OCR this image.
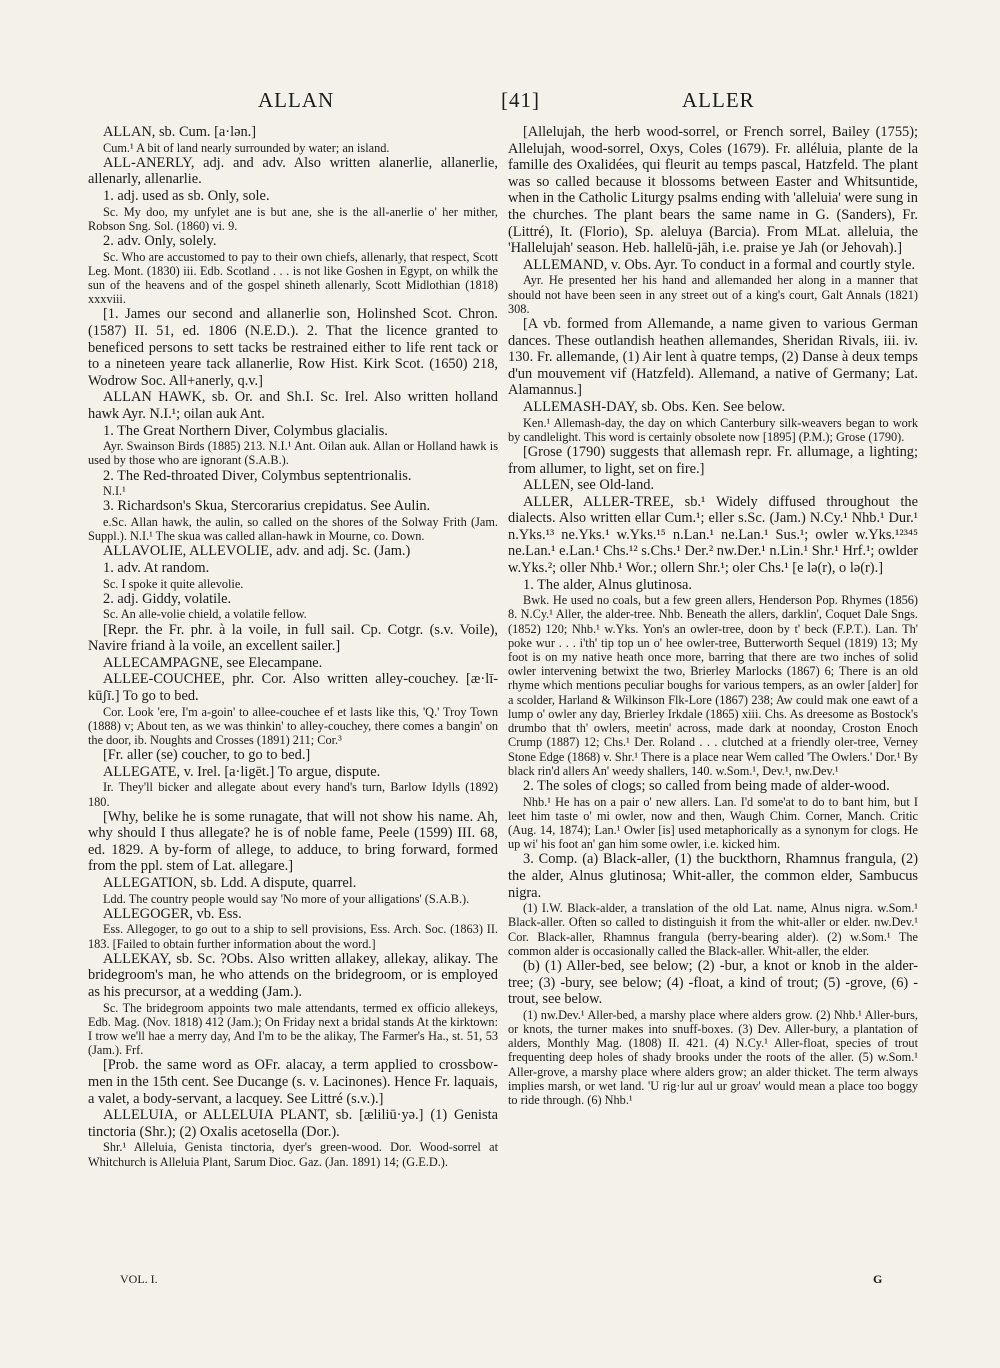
ALLAN	[41]	ALLER

ALLAN, sb. Cum. [a·lən.]

Cum.¹ A bit of land nearly surrounded by water; an island.

ALL-ANERLY, adj. and adv. Also written alanerlie, allanerlie, allenarly, allenarlie.

1. adj. used as sb. Only, sole.

Sc. My doo, my unfylet ane is but ane, she is the all-anerlie o' her mither, Robson Sng. Sol. (1860) vi. 9.

2. adv. Only, solely.

Sc. Who are accustomed to pay to their own chiefs, allenarly, that respect, Scott Leg. Mont. (1830) iii. Edb. Scotland . . . is not like Goshen in Egypt, on whilk the sun of the heavens and of the gospel shineth allenarly, Scott Midlothian (1818) xxxviii.

[1. James our second and allanerlie son, Holinshed Scot. Chron. (1587) II. 51, ed. 1806 (N.E.D.). 2. That the licence granted to beneficed persons to sett tacks be restrained either to life rent tack or to a nineteen yeare tack allanerlie, Row Hist. Kirk Scot. (1650) 218, Wodrow Soc. All+anerly, q.v.]

ALLAN HAWK, sb. Or. and Sh.I. Sc. Irel. Also written holland hawk Ayr. N.I.¹; oilan auk Ant.

1. The Great Northern Diver, Colymbus glacialis.

Ayr. Swainson Birds (1885) 213. N.I.¹ Ant. Oilan auk. Allan or Holland hawk is used by those who are ignorant (S.A.B.).

2. The Red-throated Diver, Colymbus septentrionalis.

N.I.¹

3. Richardson's Skua, Stercorarius crepidatus. See Aulin.

e.Sc. Allan hawk, the aulin, so called on the shores of the Solway Frith (Jam. Suppl.). N.I.¹ The skua was called allan-hawk in Mourne, co. Down.

ALLAVOLIE, ALLEVOLIE, adv. and adj. Sc. (Jam.)

1. adv. At random.

Sc. I spoke it quite allevolie.

2. adj. Giddy, volatile.

Sc. An alle-volie chield, a volatile fellow.

[Repr. the Fr. phr. à la voile, in full sail. Cp. Cotgr. (s.v. Voile), Navire friand à la voile, an excellent sailer.]

ALLECAMPAGNE, see Elecampane.

ALLEE-COUCHEE, phr. Cor. Also written alley-couchey. [æ·lī-kūʃī.] To go to bed.

Cor. Look 'ere, I'm a-goin' to allee-couchee ef et lasts like this, 'Q.' Troy Town (1888) v; About ten, as we was thinkin' to alley-couchey, there comes a bangin' on the door, ib. Noughts and Crosses (1891) 211; Cor.³

[Fr. aller (se) coucher, to go to bed.]

ALLEGATE, v. Irel. [a·ligēt.] To argue, dispute.

Ir. They'll bicker and allegate about every hand's turn, Barlow Idylls (1892) 180.

[Why, belike he is some runagate, that will not show his name. Ah, why should I thus allegate? he is of noble fame, Peele (1599) III. 68, ed. 1829. A by-form of allege, to adduce, to bring forward, formed from the ppl. stem of Lat. allegare.]

ALLEGATION, sb. Ldd. A dispute, quarrel.

Ldd. The country people would say 'No more of your alligations' (S.A.B.).

ALLEGOGER, vb. Ess.

Ess. Allegoger, to go out to a ship to sell provisions, Ess. Arch. Soc. (1863) II. 183. [Failed to obtain further information about the word.]

ALLEKAY, sb. Sc. ?Obs. Also written allakey, allekay, alikay. The bridegroom's man, he who attends on the bridegroom, or is employed as his precursor, at a wedding (Jam.).

Sc. The bridegroom appoints two male attendants, termed ex officio allekeys, Edb. Mag. (Nov. 1818) 412 (Jam.); On Friday next a bridal stands At the kirktown: I trow we'll hae a merry day, And I'm to be the alikay, The Farmer's Ha., st. 51, 53 (Jam.). Frf.

[Prob. the same word as OFr. alacay, a term applied to crossbow-men in the 15th cent. See Ducange (s. v. Lacinones). Hence Fr. laquais, a valet, a body-servant, a lacquey. See Littré (s.v.).]

ALLELUIA, or ALLELUIA PLANT, sb. [æliliū·yə.] (1) Genista tinctoria (Shr.); (2) Oxalis acetosella (Dor.).

Shr.¹ Alleluia, Genista tinctoria, dyer's green-wood. Dor. Wood-sorrel at Whitchurch is Alleluia Plant, Sarum Dioc. Gaz. (Jan. 1891) 14; (G.E.D.).

[Allelujah, the herb wood-sorrel, or French sorrel, Bailey (1755); Allelujah, wood-sorrel, Oxys, Coles (1679). Fr. alléluia, plante de la famille des Oxalidées, qui fleurit au temps pascal, Hatzfeld. The plant was so called because it blossoms between Easter and Whitsuntide, when in the Catholic Liturgy psalms ending with 'alleluia' were sung in the churches. The plant bears the same name in G. (Sanders), Fr. (Littré), It. (Florio), Sp. aleluya (Barcia). From MLat. alleluia, the 'Hallelujah' season. Heb. hallelū-jāh, i.e. praise ye Jah (or Jehovah).]

ALLEMAND, v. Obs. Ayr. To conduct in a formal and courtly style.

Ayr. He presented her his hand and allemanded her along in a manner that should not have been seen in any street out of a king's court, Galt Annals (1821) 308.

[A vb. formed from Allemande, a name given to various German dances. These outlandish heathen allemandes, Sheridan Rivals, iii. iv. 130. Fr. allemande, (1) Air lent à quatre temps, (2) Danse à deux temps d'un mouvement vif (Hatzfeld). Allemand, a native of Germany; Lat. Alamannus.]

ALLEMASH-DAY, sb. Obs. Ken. See below.

Ken.¹ Allemash-day, the day on which Canterbury silk-weavers began to work by candlelight. This word is certainly obsolete now [1895] (P.M.); Grose (1790).

[Grose (1790) suggests that allemash repr. Fr. allumage, a lighting; from allumer, to light, set on fire.]

ALLEN, see Old-land.

ALLER, ALLER-TREE, sb.¹ Widely diffused throughout the dialects. Also written ellar Cum.¹; eller s.Sc. (Jam.) N.Cy.¹ Nhb.¹ Dur.¹ n.Yks.¹³ ne.Yks.¹ w.Yks.¹⁵ n.Lan.¹ ne.Lan.¹ Sus.¹; owler w.Yks.¹²³⁴⁵ ne.Lan.¹ e.Lan.¹ Chs.¹² s.Chs.¹ Der.² nw.Der.¹ n.Lin.¹ Shr.¹ Hrf.¹; owlder w.Yks.²; oller Nhb.¹ Wor.; ollern Shr.¹; oler Chs.¹ [e lə(r), o lə(r).]

1. The alder, Alnus glutinosa.

Bwk. He used no coals, but a few green allers, Henderson Pop. Rhymes (1856) 8. N.Cy.¹ Aller, the alder-tree. Nhb. Beneath the allers, darklin', Coquet Dale Sngs. (1852) 120; Nhb.¹ w.Yks. Yon's an owler-tree, doon by t' beck (F.P.T.). Lan. Th' poke wur . . . i'th' tip top un o' hee owler-tree, Butterworth Sequel (1819) 13; My foot is on my native heath once more, barring that there are two inches of solid owler intervening betwixt the two, Brierley Marlocks (1867) 6; There is an old rhyme which mentions peculiar boughs for various tempers, as an owler [alder] for a scolder, Harland & Wilkinson Flk-Lore (1867) 238; Aw could mak one eawt of a lump o' owler any day, Brierley Irkdale (1865) xiii. Chs. As dreesome as Bostock's drumbo that th' owlers, meetin' across, made dark at noonday, Croston Enoch Crump (1887) 12; Chs.¹ Der. Roland . . . clutched at a friendly oler-tree, Verney Stone Edge (1868) v. Shr.¹ There is a place near Wem called 'The Owlers.' Dor.¹ By black rin'd allers An' weedy shallers, 140. w.Som.¹, Dev.¹, nw.Dev.¹

2. The soles of clogs; so called from being made of alder-wood.

Nhb.¹ He has on a pair o' new allers. Lan. I'd some'at to do to bant him, but I leet him taste o' mi owler, now and then, Waugh Chim. Corner, Manch. Critic (Aug. 14, 1874); Lan.¹ Owler [is] used metaphorically as a synonym for clogs. He up wi' his foot an' gan him some owler, i.e. kicked him.

3. Comp. (a) Black-aller, (1) the buckthorn, Rhamnus frangula, (2) the alder, Alnus glutinosa; Whit-aller, the common elder, Sambucus nigra.

(1) I.W. Black-alder, a translation of the old Lat. name, Alnus nigra. w.Som.¹ Black-aller. Often so called to distinguish it from the whit-aller or elder. nw.Dev.¹ Cor. Black-aller, Rhamnus frangula (berry-bearing alder). (2) w.Som.¹ The common alder is occasionally called the Black-aller. Whit-aller, the elder.

(b) (1) Aller-bed, see below; (2) -bur, a knot or knob in the alder-tree; (3) -bury, see below; (4) -float, a kind of trout; (5) -grove, (6) -trout, see below.

(1) nw.Dev.¹ Aller-bed, a marshy place where alders grow. (2) Nhb.¹ Aller-burs, or knots, the turner makes into snuff-boxes. (3) Dev. Aller-bury, a plantation of alders, Monthly Mag. (1808) II. 421. (4) N.Cy.¹ Aller-float, species of trout frequenting deep holes of shady brooks under the roots of the aller. (5) w.Som.¹ Aller-grove, a marshy place where alders grow; an alder thicket. The term always implies marsh, or wet land. 'U rig·lur aul ur groav' would mean a place too boggy to ride through. (6) Nhb.¹

VOL. I.	G
